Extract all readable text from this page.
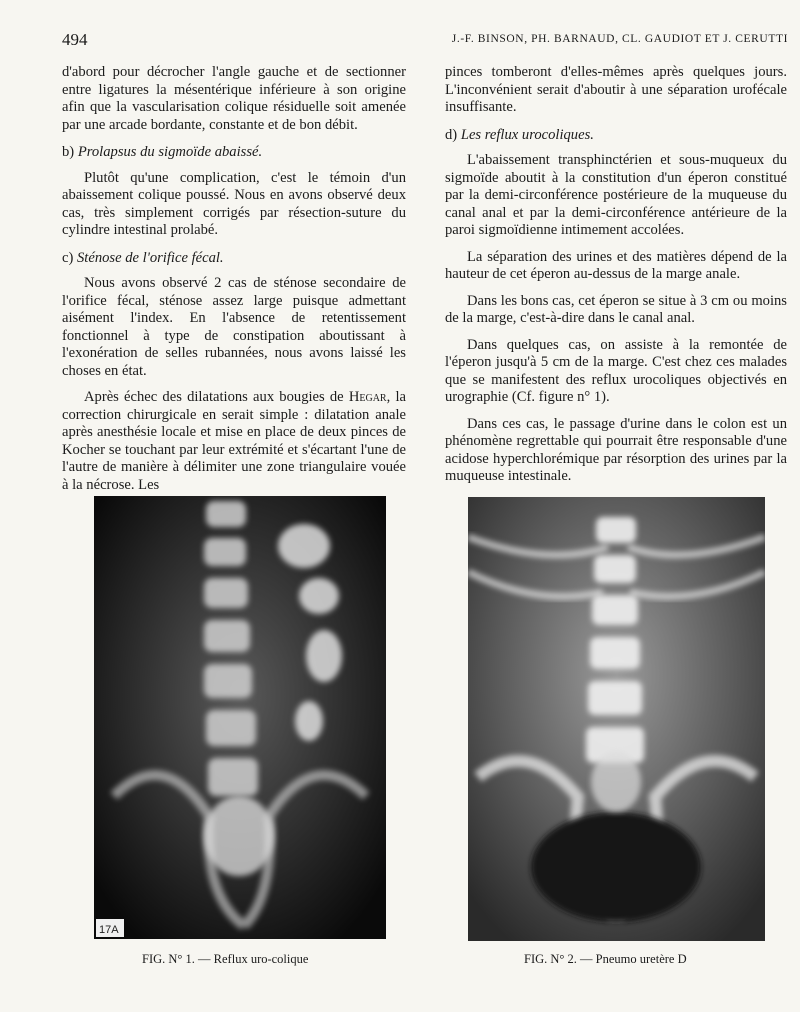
494	J.-F. BINSON, PH. BARNAUD, CL. GAUDIOT ET J. CERUTTI

d'abord pour décrocher l'angle gauche et de sectionner entre ligatures la mésentérique inférieure à son origine afin que la vascularisation colique résiduelle soit amenée par une arcade bordante, constante et de bon débit.

b) Prolapsus du sigmoïde abaissé.

Plutôt qu'une complication, c'est le témoin d'un abaissement colique poussé. Nous en avons observé deux cas, très simplement corrigés par résection-suture du cylindre intestinal prolabé.

c) Sténose de l'orifice fécal.

Nous avons observé 2 cas de sténose secondaire de l'orifice fécal, sténose assez large puisque admettant aisément l'index. En l'absence de retentissement fonctionnel à type de constipation aboutissant à l'exonération de selles rubannées, nous avons laissé les choses en état.

Après échec des dilatations aux bougies de Hegar, la correction chirurgicale en serait simple : dilatation anale après anesthésie locale et mise en place de deux pinces de Kocher se touchant par leur extrémité et s'écartant l'une de l'autre de manière à délimiter une zone triangulaire vouée à la nécrose. Les

pinces tomberont d'elles-mêmes après quelques jours. L'inconvénient serait d'aboutir à une séparation urofécale insuffisante.

d) Les reflux urocoliques.

L'abaissement transphinctérien et sous-muqueux du sigmoïde aboutit à la constitution d'un éperon constitué par la demi-circonférence postérieure de la muqueuse du canal anal et par la demi-circonférence antérieure de la paroi sigmoïdienne intimement accolées.

La séparation des urines et des matières dépend de la hauteur de cet éperon au-dessus de la marge anale.

Dans les bons cas, cet éperon se situe à 3 cm ou moins de la marge, c'est-à-dire dans le canal anal.

Dans quelques cas, on assiste à la remontée de l'éperon jusqu'à 5 cm de la marge. C'est chez ces malades que se manifestent des reflux urocoliques objectivés en urographie (Cf. figure n° 1).

Dans ces cas, le passage d'urine dans le colon est un phénomène regrettable qui pourrait être responsable d'une acidose hyperchlorémique par résorption des urines par la muqueuse intestinale.

17A
FIG. N° 1. — Reflux uro-colique	FIG. N° 2. — Pneumo uretère D
